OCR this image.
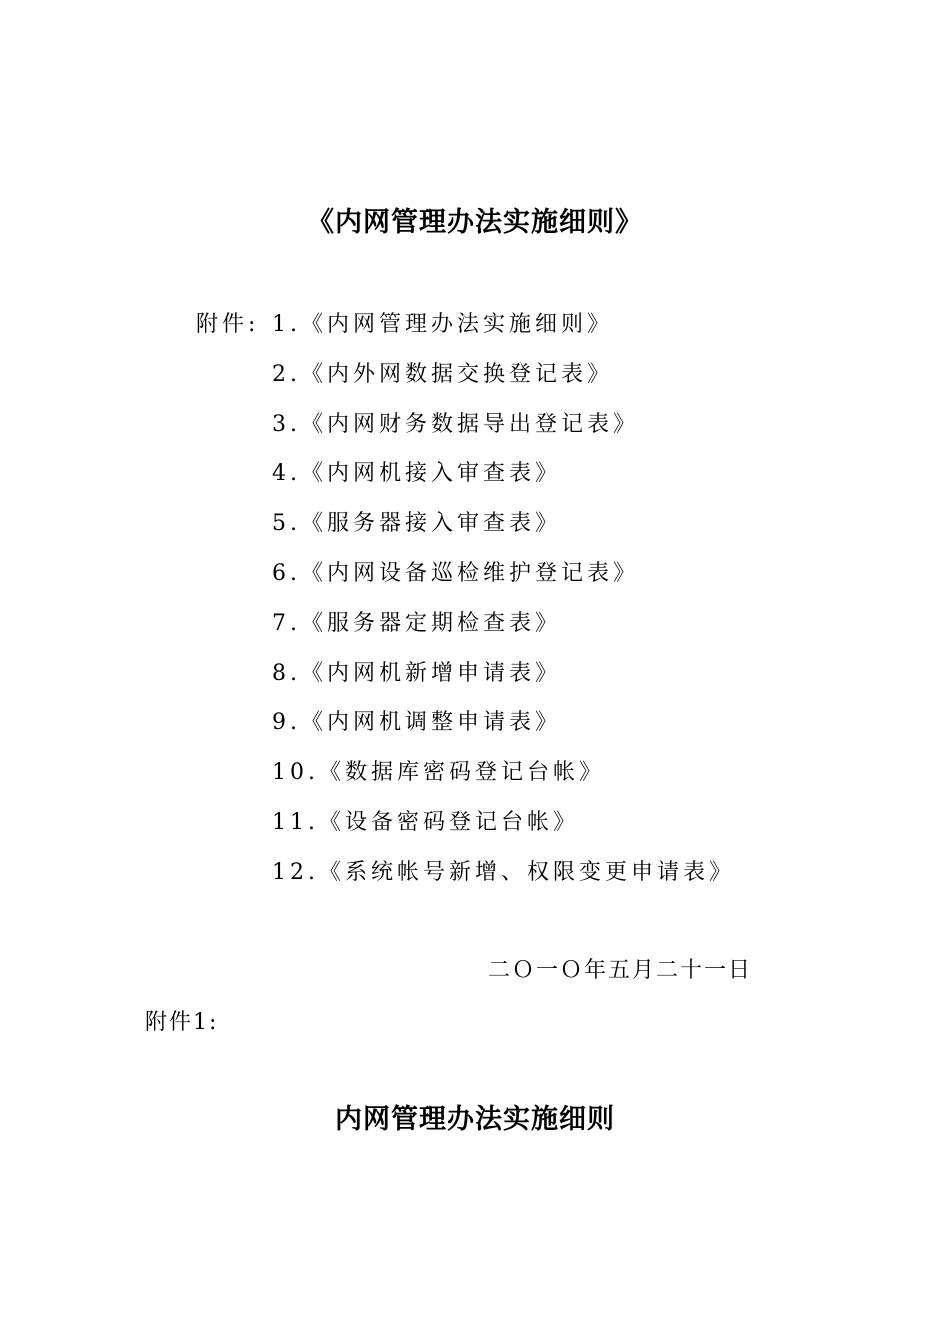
《内网管理办法实施细则》
附件: 1.《内网管理办法实施细则》
2.《内外网数据交换登记表》
3.《内网财务数据导出登记表》
4.《内网机接入审查表》
5.《服务器接入审查表》
6.《内网设备巡检维护登记表》
7.《服务器定期检查表》
8.《内网机新增申请表》
9.《内网机调整申请表》
10.《数据库密码登记台帐》
11.《设备密码登记台帐》
12.《系统帐号新增、权限变更申请表》
二Ｏ一Ｏ年五月二十一日
附件1:
内网管理办法实施细则
